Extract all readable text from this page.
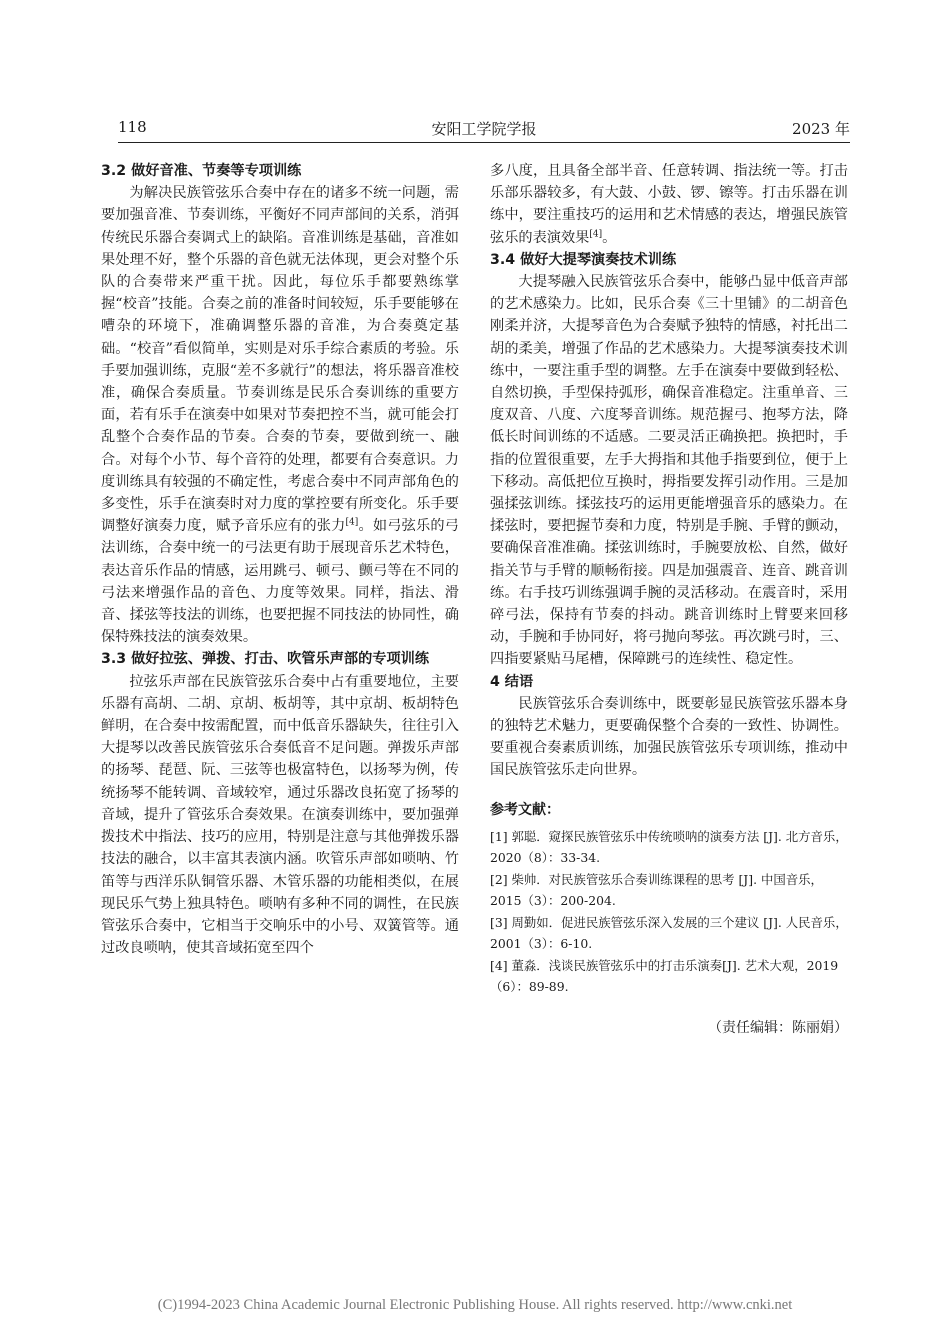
118	安阳工学院学报	2023 年

3.2 做好音准、节奏等专项训练

为解决民族管弦乐合奏中存在的诸多不统一问题，需要加强音准、节奏训练，平衡好不同声部间的关系，消弭传统民乐器合奏调式上的缺陷。音准训练是基础，音准如果处理不好，整个乐器的音色就无法体现，更会对整个乐队的合奏带来严重干扰。因此，每位乐手都要熟练掌握“校音”技能。合奏之前的准备时间较短，乐手要能够在嘈杂的环境下，准确调整乐器的音准，为合奏奠定基础。“校音”看似简单，实则是对乐手综合素质的考验。乐手要加强训练，克服“差不多就行”的想法，将乐器音准校准，确保合奏质量。节奏训练是民乐合奏训练的重要方面，若有乐手在演奏中如果对节奏把控不当，就可能会打乱整个合奏作品的节奏。合奏的节奏，要做到统一、融合。对每个小节、每个音符的处理，都要有合奏意识。力度训练具有较强的不确定性，考虑合奏中不同声部角色的多变性，乐手在演奏时对力度的掌控要有所变化。乐手要调整好演奏力度，赋予音乐应有的张力[4]。如弓弦乐的弓法训练，合奏中统一的弓法更有助于展现音乐艺术特色，表达音乐作品的情感，运用跳弓、顿弓、颤弓等在不同的弓法来增强作品的音色、力度等效果。同样，指法、滑音、揉弦等技法的训练，也要把握不同技法的协同性，确保特殊技法的演奏效果。

3.3 做好拉弦、弹拨、打击、吹管乐声部的专项训练

拉弦乐声部在民族管弦乐合奏中占有重要地位，主要乐器有高胡、二胡、京胡、板胡等，其中京胡、板胡特色鲜明，在合奏中按需配置，而中低音乐器缺失，往往引入大提琴以改善民族管弦乐合奏低音不足问题。弹拨乐声部的扬琴、琵琶、阮、三弦等也极富特色，以扬琴为例，传统扬琴不能转调、音域较窄，通过乐器改良拓宽了扬琴的音域，提升了管弦乐合奏效果。在演奏训练中，要加强弹拨技术中指法、技巧的应用，特别是注意与其他弹拨乐器技法的融合，以丰富其表演内涵。吹管乐声部如唢呐、竹笛等与西洋乐队铜管乐器、木管乐器的功能相类似，在展现民乐气势上独具特色。唢呐有多种不同的调性，在民族管弦乐合奏中，它相当于交响乐中的小号、双簧管等。通过改良唢呐，使其音域拓宽至四个

多八度，且具备全部半音、任意转调、指法统一等。打击乐部乐器较多，有大鼓、小鼓、锣、镲等。打击乐器在训练中，要注重技巧的运用和艺术情感的表达，增强民族管弦乐的表演效果[4]。

3.4 做好大提琴演奏技术训练

大提琴融入民族管弦乐合奏中，能够凸显中低音声部的艺术感染力。比如，民乐合奏《三十里铺》的二胡音色刚柔并济，大提琴音色为合奏赋予独特的情感，衬托出二胡的柔美，增强了作品的艺术感染力。大提琴演奏技术训练中，一要注重手型的调整。左手在演奏中要做到轻松、自然切换，手型保持弧形，确保音准稳定。注重单音、三度双音、八度、六度琴音训练。规范握弓、抱琴方法，降低长时间训练的不适感。二要灵活正确换把。换把时，手指的位置很重要，左手大拇指和其他手指要到位，便于上下移动。高低把位互换时，拇指要发挥引动作用。三是加强揉弦训练。揉弦技巧的运用更能增强音乐的感染力。在揉弦时，要把握节奏和力度，特别是手腕、手臂的颤动，要确保音准准确。揉弦训练时，手腕要放松、自然，做好指关节与手臂的顺畅衔接。四是加强震音、连音、跳音训练。右手技巧训练强调手腕的灵活移动。在震音时，采用碎弓法，保持有节奏的抖动。跳音训练时上臂要来回移动，手腕和手协同好，将弓抛向琴弦。再次跳弓时，三、四指要紧贴马尾槽，保障跳弓的连续性、稳定性。

4 结语

民族管弦乐合奏训练中，既要彰显民族管弦乐器本身的独特艺术魅力，更要确保整个合奏的一致性、协调性。要重视合奏素质训练，加强民族管弦乐专项训练，推动中国民族管弦乐走向世界。

参考文献：

[1] 郭聪．窥探民族管弦乐中传统唢呐的演奏方法 [J]. 北方音乐，2020（8）：33-34.

[2] 柴帅．对民族管弦乐合奏训练课程的思考 [J]. 中国音乐，2015（3）：200-204.

[3] 周勤如．促进民族管弦乐深入发展的三个建议 [J]. 人民音乐，2001（3）：6-10.

[4] 董淼．浅谈民族管弦乐中的打击乐演奏[J]. 艺术大观，2019（6）：89-89.

（责任编辑：陈丽娟）

(C)1994-2023 China Academic Journal Electronic Publishing House. All rights reserved. http://www.cnki.net
